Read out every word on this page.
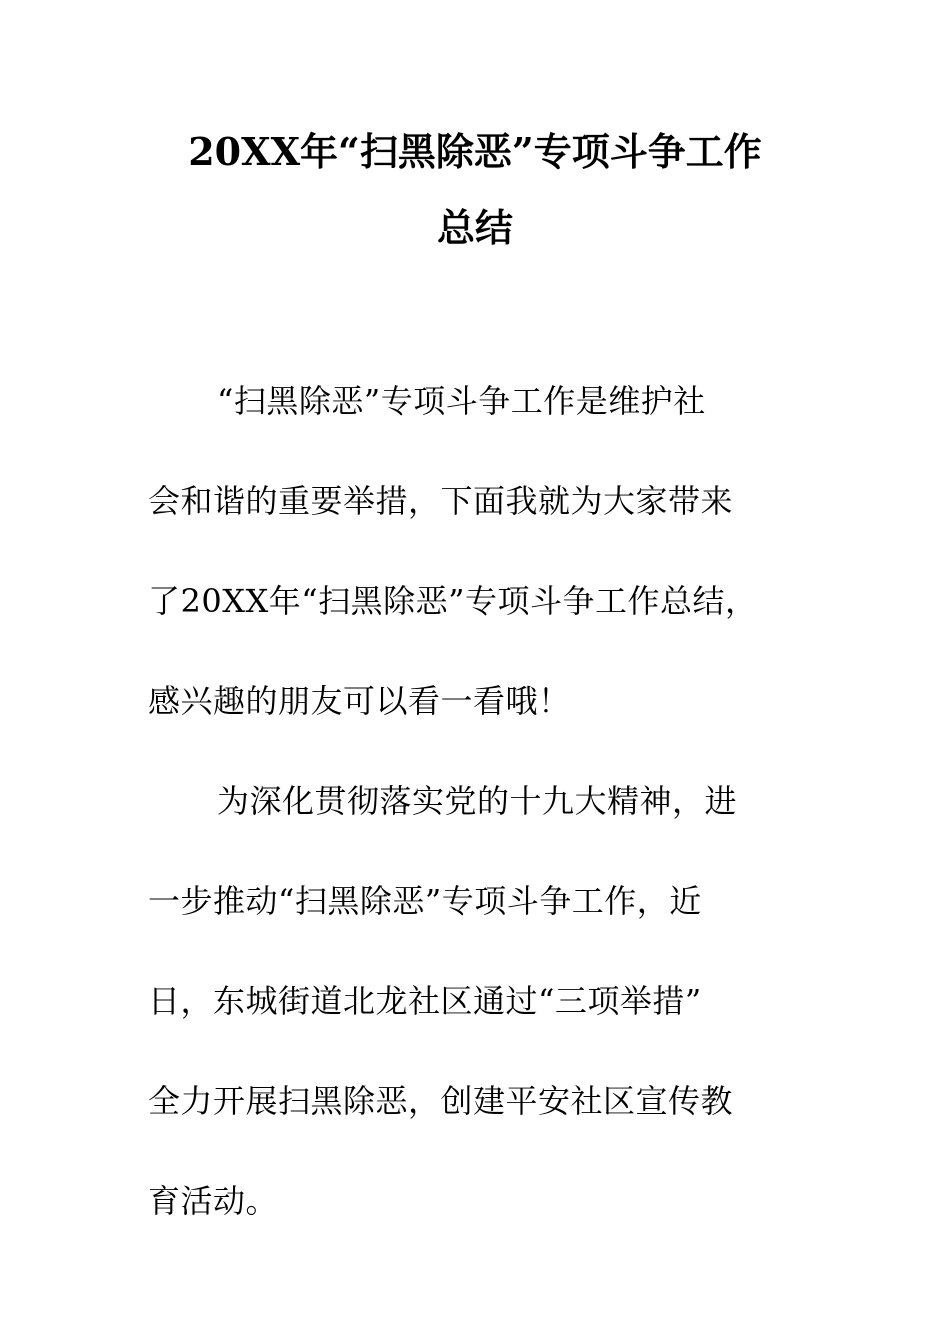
20XX年“扫黑除恶”专项斗争工作
总结
“扫黑除恶”专项斗争工作是维护社
会和谐的重要举措，下面我就为大家带来
了20XX年“扫黑除恶”专项斗争工作总结，
感兴趣的朋友可以看一看哦！
为深化贯彻落实党的十九大精神，进
一步推动“扫黑除恶”专项斗争工作，近
日，东城街道北龙社区通过“三项举措”
全力开展扫黑除恶，创建平安社区宣传教
育活动。
